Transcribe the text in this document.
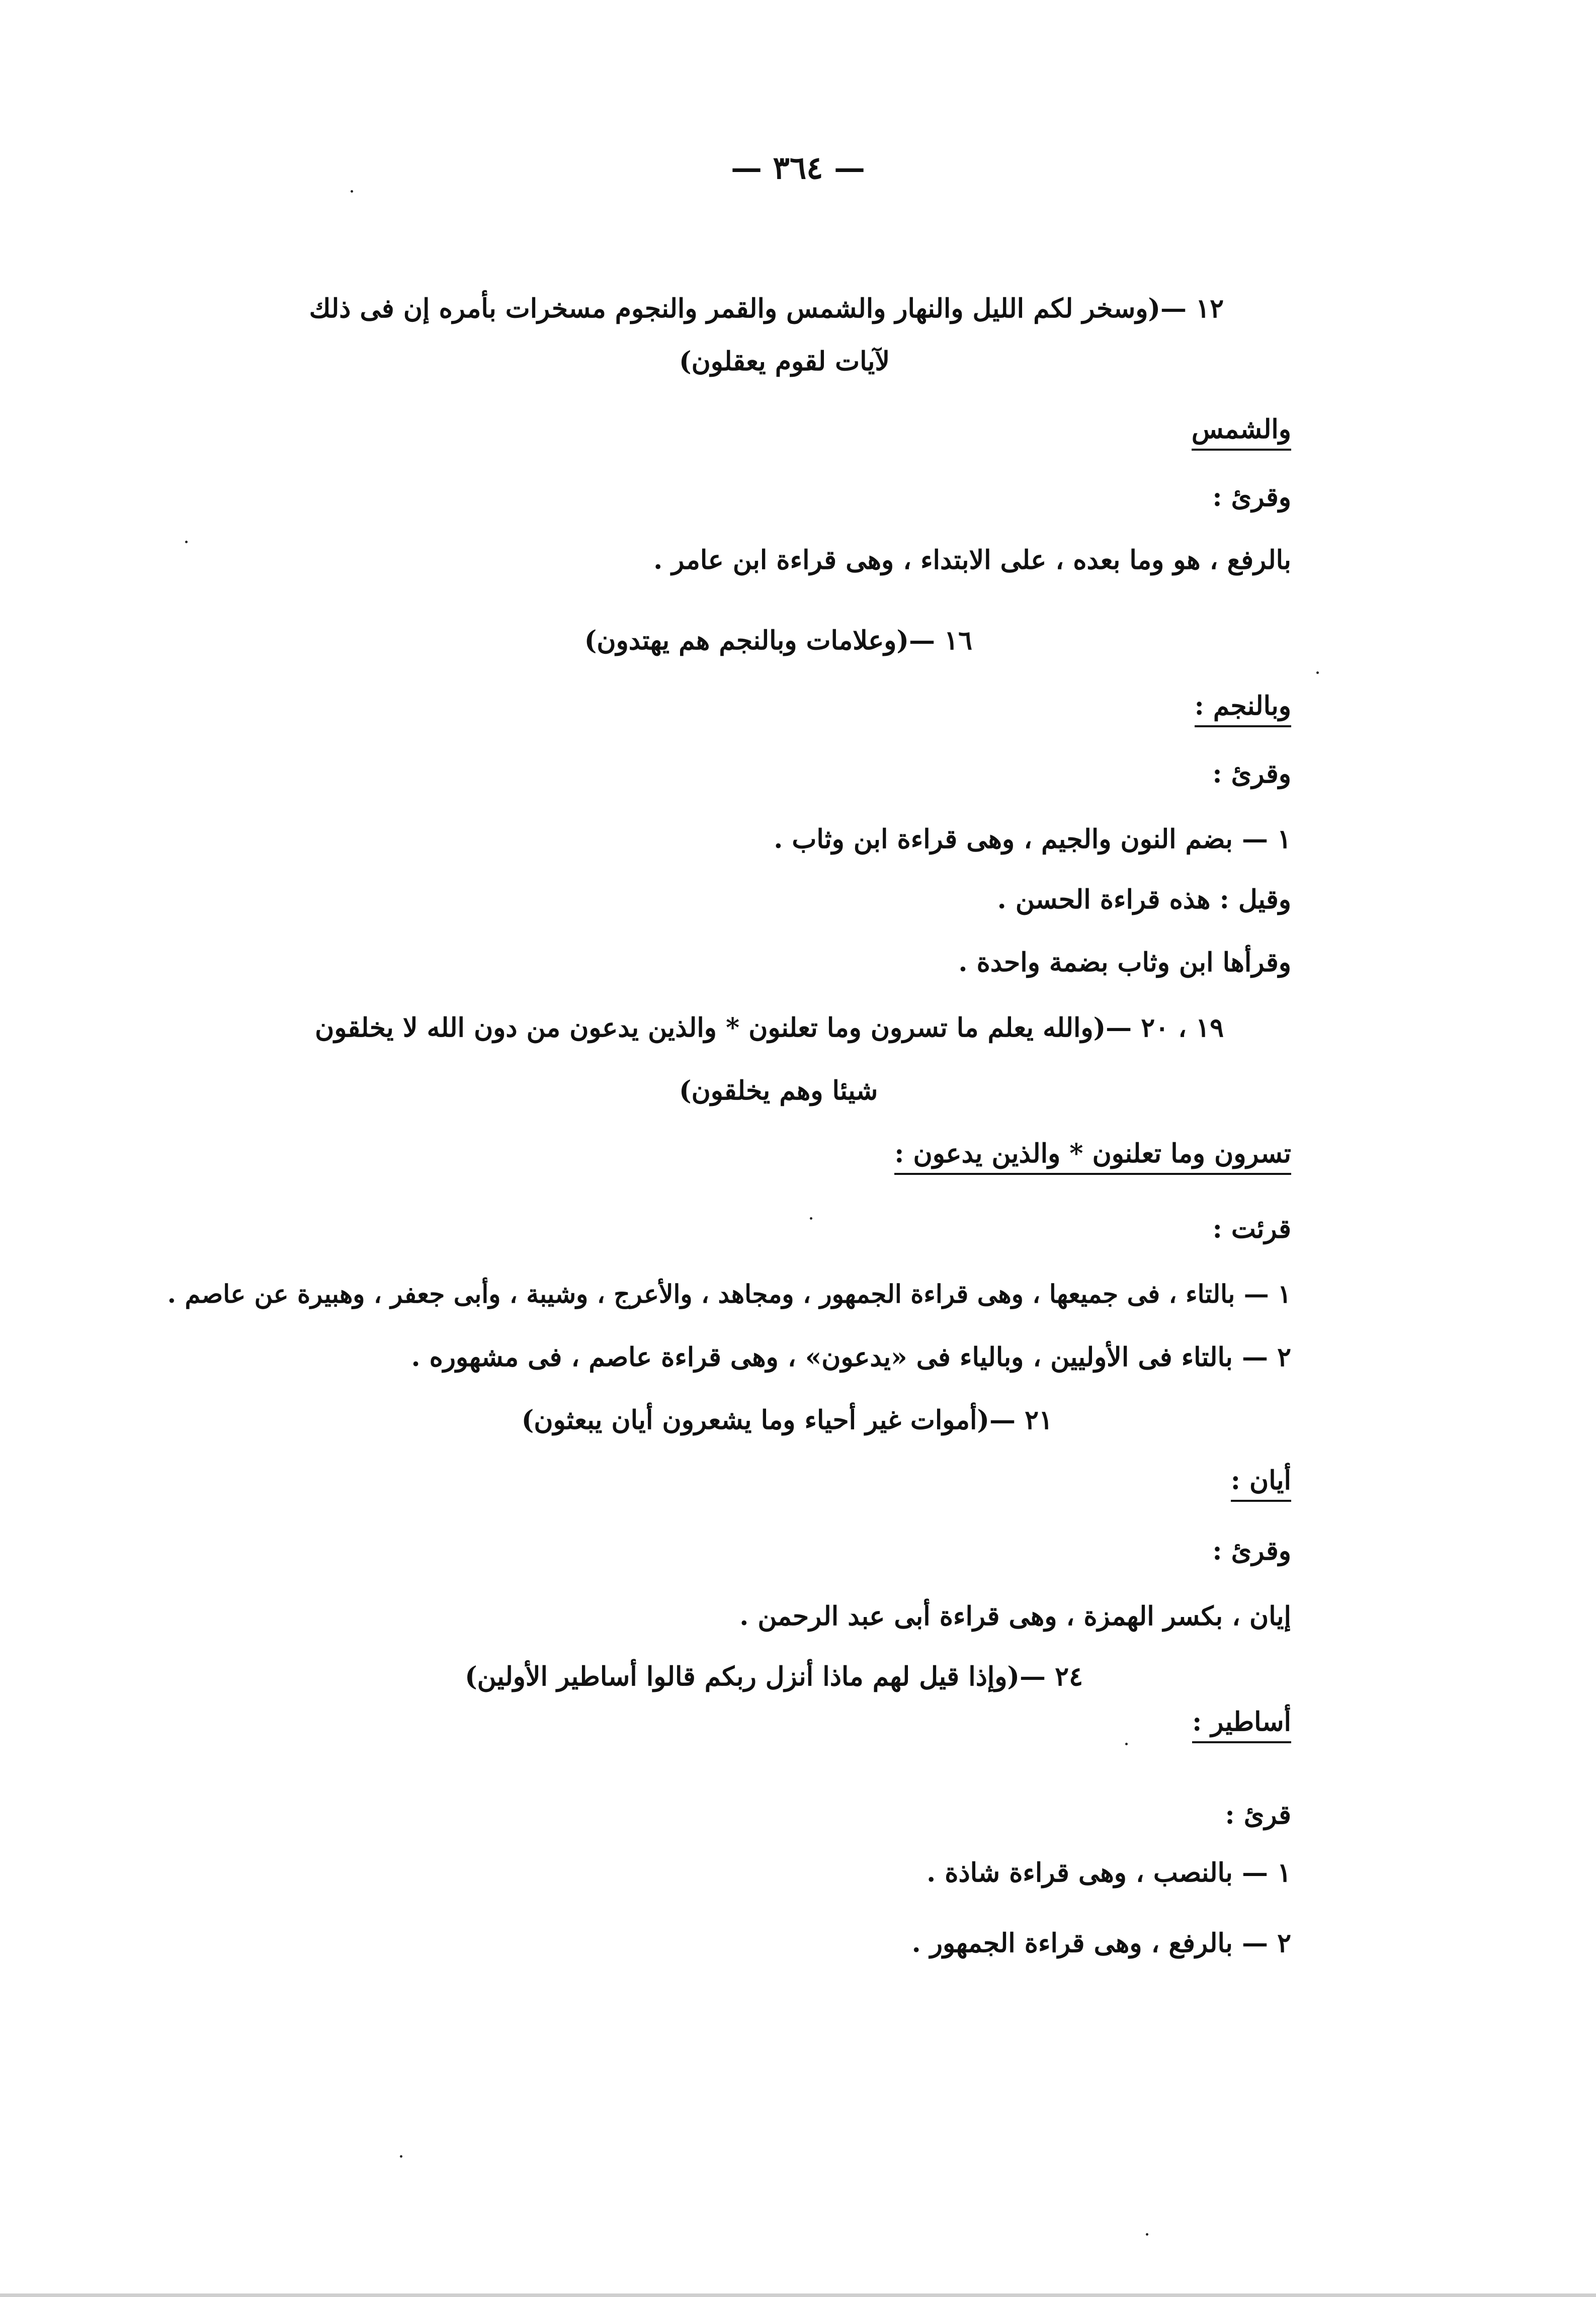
— ٣٦٤ —
١٢ —(وسخر لكم الليل والنهار والشمس والقمر والنجوم مسخرات بأمره إن فى ذلك
لآيات لقوم يعقلون)
والشمس
وقرئ :
بالرفع ، هو وما بعده ، على الابتداء ، وهى قراءة ابن عامر .
١٦ —(وعلامات وبالنجم هم يهتدون)
وبالنجم :
وقرئ :
١ — بضم النون والجيم ، وهى قراءة ابن وثاب .
وقيل : هذه قراءة الحسن .
وقرأها ابن وثاب بضمة واحدة .
١٩ ، ٢٠ —(والله يعلم ما تسرون وما تعلنون * والذين يدعون من دون الله لا يخلقون
شيئا وهم يخلقون)
تسرون وما تعلنون * والذين يدعون :
قرئت :
١ — بالتاء ، فى جميعها ، وهى قراءة الجمهور ، ومجاهد ، والأعرج ، وشيبة ، وأبى جعفر ، وهبيرة عن عاصم .
٢ — بالتاء فى الأوليين ، وبالياء فى «يدعون» ، وهى قراءة عاصم ، فى مشهوره .
٢١ —(أموات غير أحياء وما يشعرون أيان يبعثون)
أيان :
وقرئ :
إيان ، بكسر الهمزة ، وهى قراءة أبى عبد الرحمن .
٢٤ —(وإذا قيل لهم ماذا أنزل ربكم قالوا أساطير الأولين)
أساطير :
قرئ :
١ — بالنصب ، وهى قراءة شاذة .
٢ — بالرفع ، وهى قراءة الجمهور .
